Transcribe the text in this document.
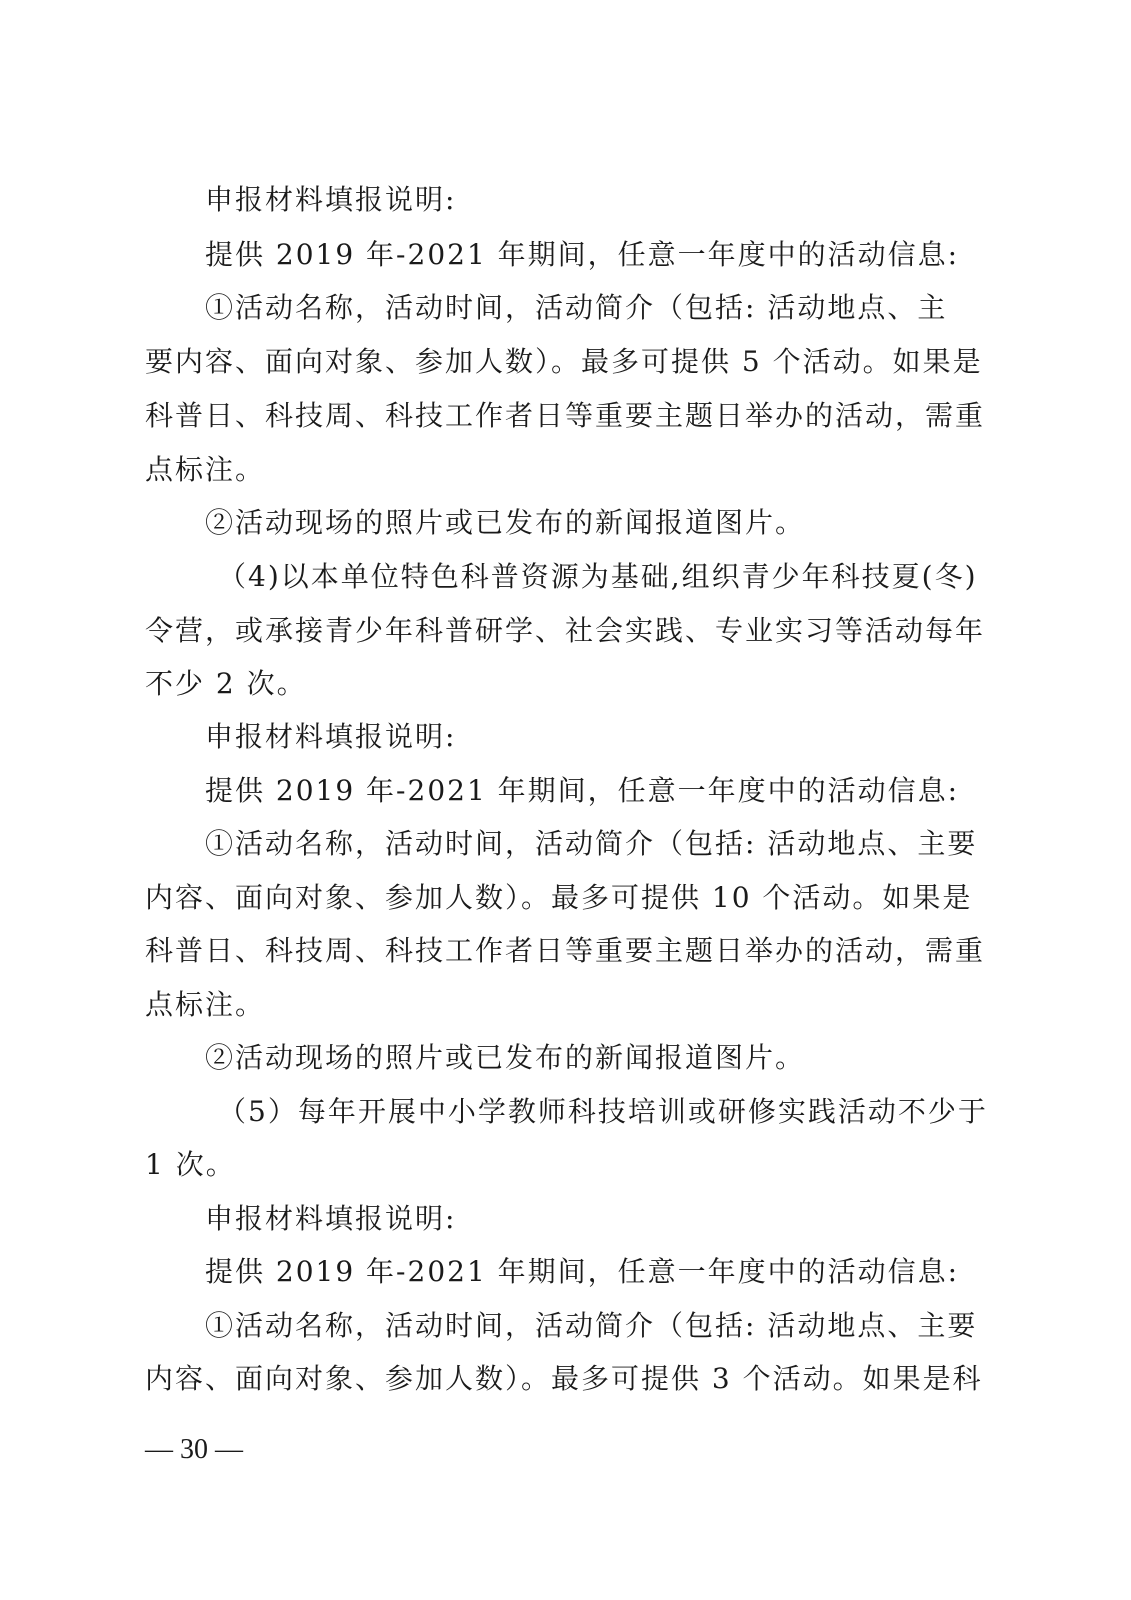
申报材料填报说明:
提供 2019 年-2021 年期间，任意一年度中的活动信息:
①活动名称，活动时间，活动简介（包括: 活动地点、主
要内容、面向对象、参加人数）。最多可提供 5 个活动。如果是
科普日、科技周、科技工作者日等重要主题日举办的活动，需重
点标注。
②活动现场的照片或已发布的新闻报道图片。
（4)以本单位特色科普资源为基础,组织青少年科技夏(冬)
令营，或承接青少年科普研学、社会实践、专业实习等活动每年
不少 2 次。
申报材料填报说明:
提供 2019 年-2021 年期间，任意一年度中的活动信息:
①活动名称，活动时间，活动简介（包括: 活动地点、主要
内容、面向对象、参加人数）。最多可提供 10 个活动。如果是
科普日、科技周、科技工作者日等重要主题日举办的活动，需重
点标注。
②活动现场的照片或已发布的新闻报道图片。
（5）每年开展中小学教师科技培训或研修实践活动不少于
1 次。
申报材料填报说明:
提供 2019 年-2021 年期间，任意一年度中的活动信息:
①活动名称，活动时间，活动简介（包括: 活动地点、主要
内容、面向对象、参加人数）。最多可提供 3 个活动。如果是科
— 30 —
